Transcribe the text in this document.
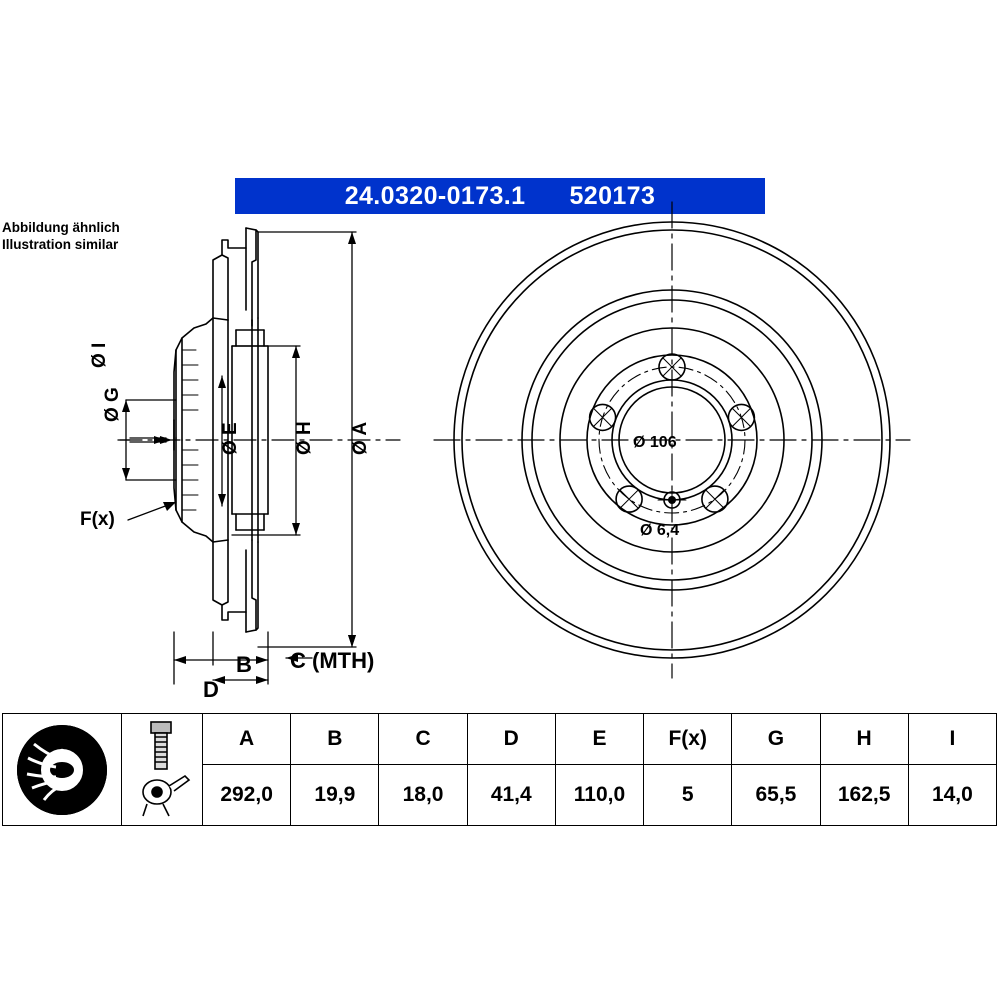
24.0320-0173.1 520173
Abbildung ähnlich
Illustration similar
Ø I
Ø G
Ø E	Ø H Ø A
F(x)
B
D
C (MTH)
Ø 106
Ø 6,4

	A	B	C	D	E	F(x)	G	H	I
		292,0	19,9	18,0	41,4	110,0	5	65,5	162,5	14,0
